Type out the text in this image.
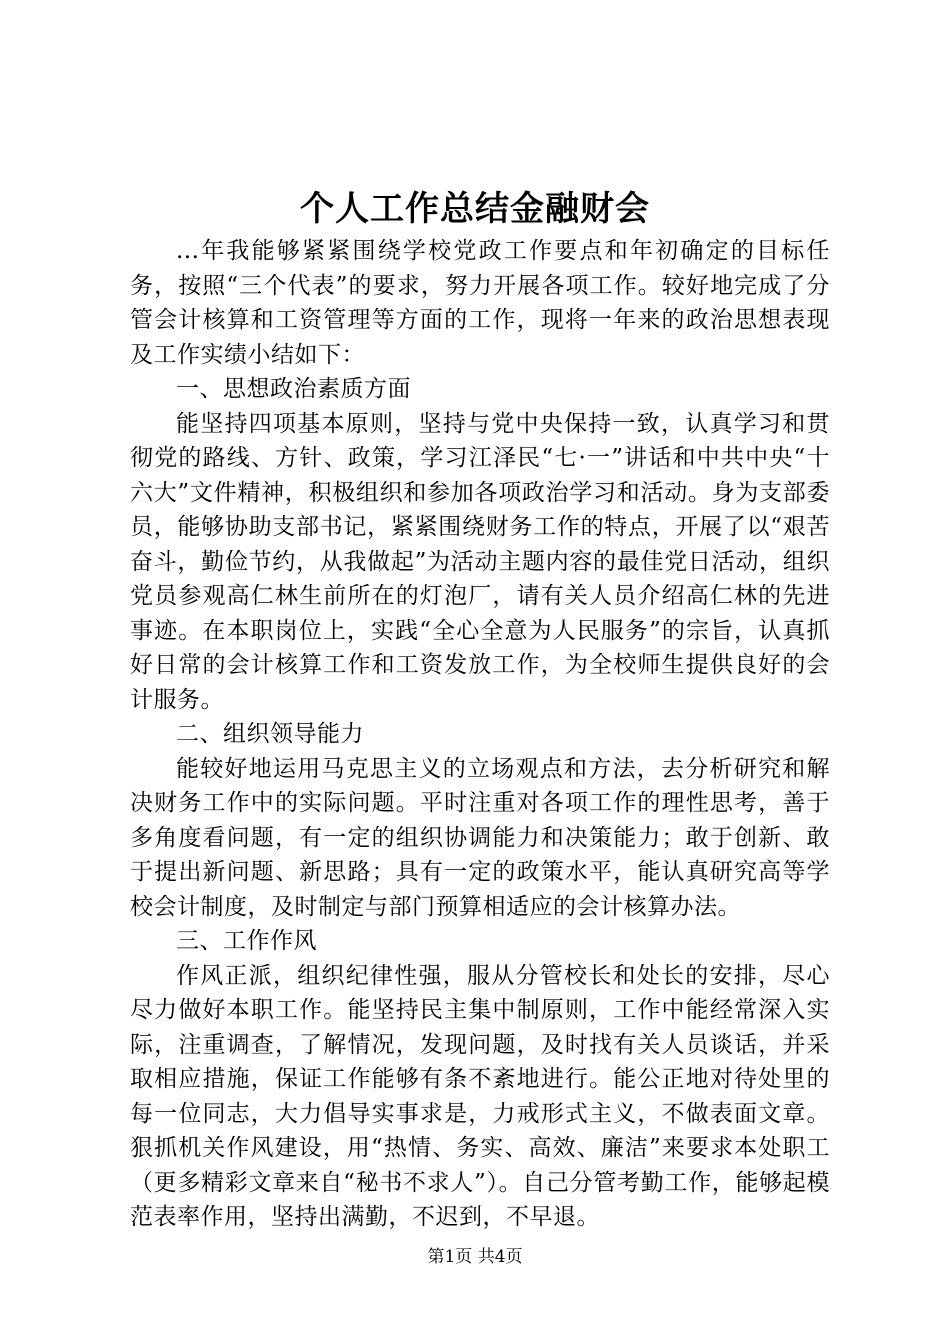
个人工作总结金融财会

...年我能够紧紧围绕学校党政工作要点和年初确定的目标任务，按照“三个代表”的要求，努力开展各项工作。较好地完成了分管会计核算和工资管理等方面的工作，现将一年来的政治思想表现及工作实绩小结如下：

一、思想政治素质方面

能坚持四项基本原则，坚持与党中央保持一致，认真学习和贯彻党的路线、方针、政策，学习江泽民“七·一”讲话和中共中央“十六大”文件精神，积极组织和参加各项政治学习和活动。身为支部委员，能够协助支部书记，紧紧围绕财务工作的特点，开展了以“艰苦奋斗，勤俭节约，从我做起”为活动主题内容的最佳党日活动，组织党员参观高仁林生前所在的灯泡厂，请有关人员介绍高仁林的先进事迹。在本职岗位上，实践“全心全意为人民服务”的宗旨，认真抓好日常的会计核算工作和工资发放工作，为全校师生提供良好的会计服务。

二、组织领导能力

能较好地运用马克思主义的立场观点和方法，去分析研究和解决财务工作中的实际问题。平时注重对各项工作的理性思考，善于多角度看问题，有一定的组织协调能力和决策能力；敢于创新、敢于提出新问题、新思路；具有一定的政策水平，能认真研究高等学校会计制度，及时制定与部门预算相适应的会计核算办法。

三、工作作风

作风正派，组织纪律性强，服从分管校长和处长的安排，尽心尽力做好本职工作。能坚持民主集中制原则，工作中能经常深入实际，注重调查，了解情况，发现问题，及时找有关人员谈话，并采取相应措施，保证工作能够有条不紊地进行。能公正地对待处里的每一位同志，大力倡导实事求是，力戒形式主义，不做表面文章。狠抓机关作风建设，用“热情、务实、高效、廉洁”来要求本处职工（更多精彩文章来自“秘书不求人”）。自己分管考勤工作，能够起模范表率作用，坚持出满勤，不迟到，不早退。

第1页 共4页
